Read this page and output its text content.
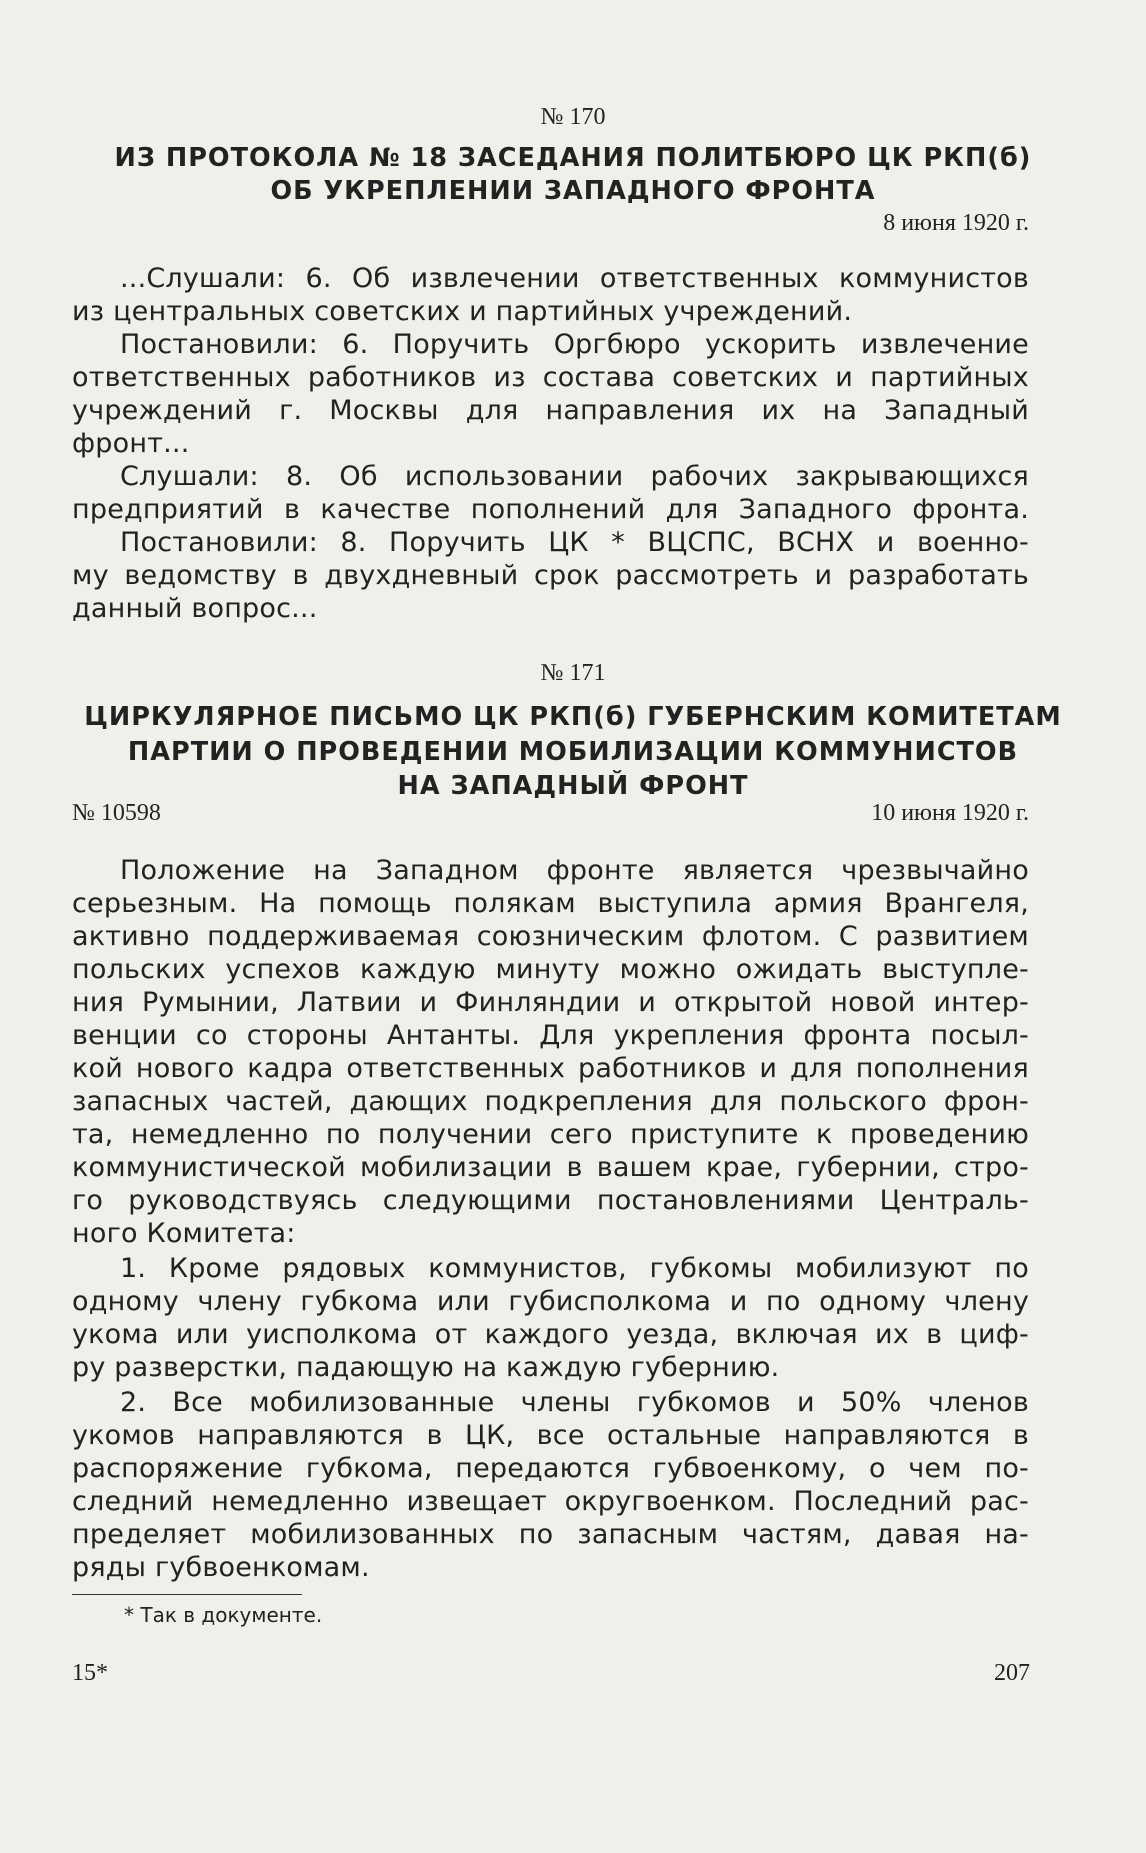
№ 170

ИЗ ПРОТОКОЛА № 18 ЗАСЕДАНИЯ ПОЛИТБЮРО ЦК РКП(б)

ОБ УКРЕПЛЕНИИ ЗАПАДНОГО ФРОНТА

8 июня 1920 г.

...Слушали: 6. Об извлечении ответственных коммунистов

из центральных советских и партийных учреждений.

Постановили: 6. Поручить Оргбюро ускорить извлечение

ответственных работников из состава советских и партийных

учреждений г. Москвы для направления их на Западный

фронт...

Слушали: 8. Об использовании рабочих закрывающихся

предприятий в качестве пополнений для Западного фронта.

Постановили: 8. Поручить ЦК * ВЦСПС, ВСНХ и военно-

му ведомству в двухдневный срок рассмотреть и разработать

данный вопрос...

№ 171

ЦИРКУЛЯРНОЕ ПИСЬМО ЦК РКП(б) ГУБЕРНСКИМ КОМИТЕТАМ

ПАРТИИ О ПРОВЕДЕНИИ МОБИЛИЗАЦИИ КОММУНИСТОВ

НА ЗАПАДНЫЙ ФРОНТ

№ 10598	10 июня 1920 г.

Положение на Западном фронте является чрезвычайно

серьезным. На помощь полякам выступила армия Врангеля,

активно поддерживаемая союзническим флотом. С развитием

польских успехов каждую минуту можно ожидать выступле-

ния Румынии, Латвии и Финляндии и открытой новой интер-

венции со стороны Антанты. Для укрепления фронта посыл-

кой нового кадра ответственных работников и для пополнения

запасных частей, дающих подкрепления для польского фрон-

та, немедленно по получении сего приступите к проведению

коммунистической мобилизации в вашем крае, губернии, стро-

го руководствуясь следующими постановлениями Централь-

ного Комитета:

1. Кроме рядовых коммунистов, губкомы мобилизуют по

одному члену губкома или губисполкома и по одному члену

укома или уисполкома от каждого уезда, включая их в циф-

ру разверстки, падающую на каждую губернию.

2. Все мобилизованные члены губкомов и 50% членов

укомов направляются в ЦК, все остальные направляются в

распоряжение губкома, передаются губвоенкому, о чем по-

следний немедленно извещает округвоенком. Последний рас-

пределяет мобилизованных по запасным частям, давая на-

ряды губвоенкомам.

* Так в документе.

15*	207
